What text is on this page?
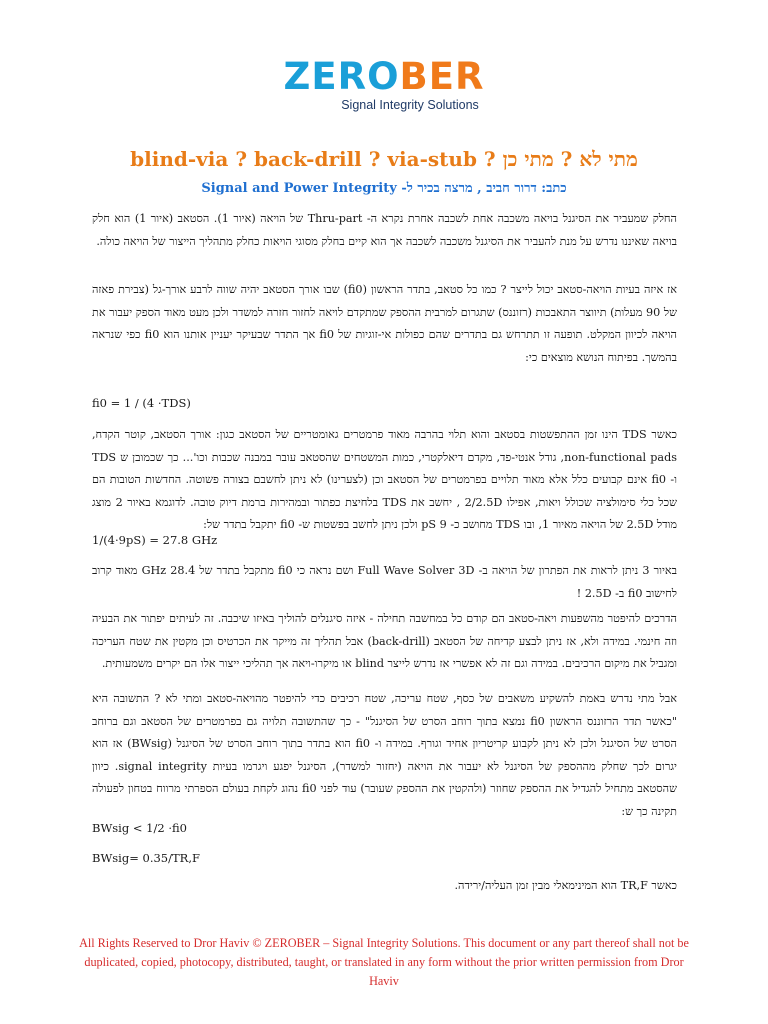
ZEROBER
Signal Integrity Solutions
מתי לא ? מתי כן ? blind-via ? back-drill ? via-stub

כתב: דרור חביב , מרצה בכיר ל- Signal and Power Integrity

החלק שמעביר את הסיגנל בויאה משכבה אחת לשכבה אחרת נקרא ה- Thru-part של הויאה (איור 1). הסטאב (איור 1) הוא חלק בויאה שאיננו נדרש על מנת להעביר את הסיגנל משכבה לשכבה אך הוא קיים בחלק מסוגי הויאות כחלק מתהליך הייצור של הויאה כולה.

אז איזה בעיות הויאה-סטאב יכול לייצר ? כמו כל סטאב, בתדר הראשון (fi0) שבו אורך הסטאב יהיה שווה לרבע אורך-גל (צבירת פאזה של 90 מעלות) תיווצר התאבכות (רזוננס) שתגרום למרבית ההספק שמתקדם לויאה לחזור חזרה למשדר ולכן מעט מאוד הספק יעבור את הויאה לכיוון המקלט. תופעה זו תתרחש גם בתדרים שהם כפולות אי-זוגיות של fi0 אך התדר שבעיקר יעניין אותנו הוא fi0 כפי שנראה בהמשך. בפיתוח הנושא מוצאים כי:

fi0 = 1 / (4 ·TDS)

כאשר TDS הינו זמן ההתפשטות בסטאב והוא תלוי בהרבה מאוד פרמטרים גאומטריים של הסטאב כגון: אורך הסטאב, קוטר הקדח, non-functional pads, גודל אנטי-פד, מקדם דיאלקטרי, כמות המשטחים שהסטאב עובר במבנה שכבות וכו'... כך שכמובן ש TDS ו- fi0 אינם קבועים כלל אלא מאוד תלויים בפרמטרים של הסטאב וכן (לצערינו) לא ניתן לחשבם בצורה פשוטה. החדשות הטובות הם שכל כלי סימולציה שכולל ויאות, אפילו 2/2.5D , יחשב את TDS בלחיצת כפתור ובמהירות ברמת דיוק טובה. לדוגמא באיור 2 מוצג מודל 2.5D של הויאה מאיור 1, ובו TDS מחושב כ- 9 pS ולכן ניתן לחשב בפשטות ש- fi0 יתקבל בתדר של:

1/(4·9pS) = 27.8 GHz

באיור 3 ניתן לראות את הפתרון של הויאה ב- Full Wave Solver 3D ושם נראה כי fi0 מתקבל בתדר של 28.4 GHz מאוד קרוב לחישוב fi0 ב- 2.5D !

הדרכים להיפטר מהשפעות ויאה-סטאב הם קודם כל במחשבה תחילה - איזה סיגנלים להוליך באיזו שיכבה. זה לעיתים יפתור את הבעיה וזה חינמי. במידה ולא, אז ניתן לבצע קדיחה של הסטאב (back-drill) אבל תהליך זה מייקר את הכרטיס וכן מקטין את שטח העריכה ומגביל את מיקום הרכיבים. במידה וגם זה לא אפשרי אז נדרש לייצר blind או מיקרו-ויאה אך תהליכי ייצור אלו הם יקרים משמעותית.

אבל מתי נדרש באמת להשקיע משאבים של כסף, שטח עריכה, שטח רכיבים כדי להיפטר מהויאה-סטאב ומתי לא ? התשובה היא "כאשר תדר הרזוננס הראשון fi0 נמצא בתוך רוחב הסרט של הסיגנל" - כך שהתשובה תלויה גם בפרמטרים של הסטאב וגם ברוחב הסרט של הסיגנל ולכן לא ניתן לקבוע קריטריון אחיד וגורף. במידה ו- fi0 הוא בתדר בתוך רוחב הסרט של הסיגנל (BWsig) אז הוא יגרום לכך שחלק מההספק של הסיגנל לא יעבור את הויאה (יחזור למשדר), הסיגנל יפגע ויגרמו בעיות signal integrity. כיוון שהסטאב מתחיל להגדיל את ההספק שחוזר (ולהקטין את ההספק שעובר) עוד לפני fi0 נהוג לקחת בעולם הספרתי מרווח בטחון לפעולה תקינה כך ש:

BWsig < 1/2 ·fi0

BWsig= 0.35/TR,F

כאשר TR,F הוא המינימאלי מבין זמן העליה/ירידה.

All Rights Reserved to Dror Haviv © ZEROBER – Signal Integrity Solutions. This document or any part thereof shall not be duplicated, copied, photocopy, distributed, taught, or translated in any form without the prior written permission from Dror Haviv
